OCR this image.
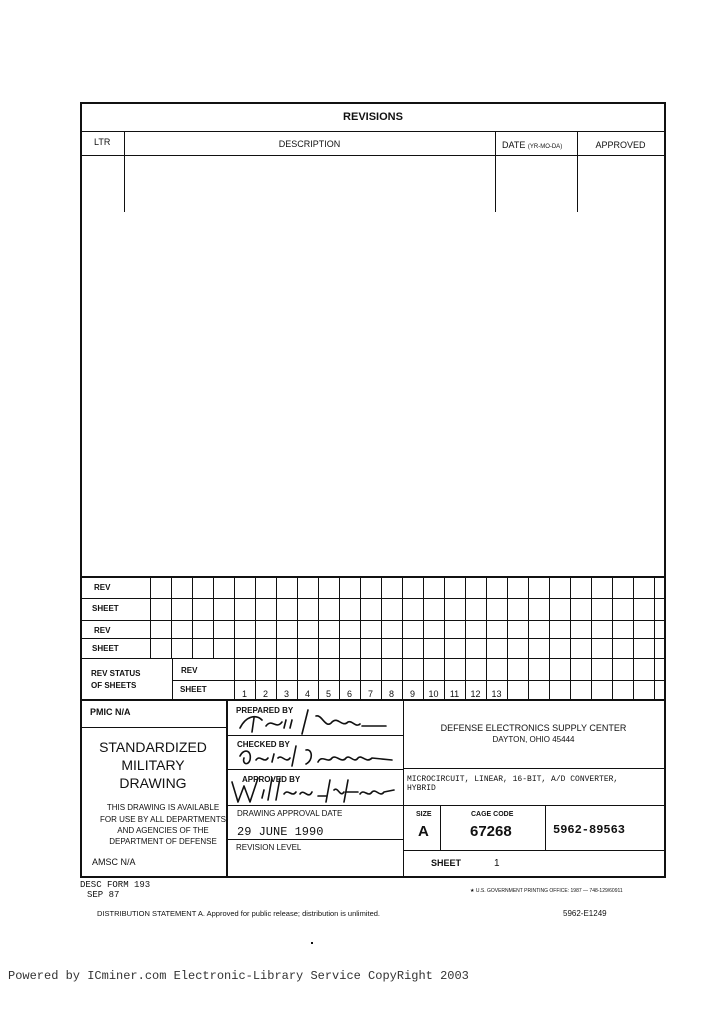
REVISIONS
LTR	DESCRIPTION	DATE (YR-MO-DA)	APPROVED
REV
SHEET
REV
SHEET
REV STATUS
OF SHEETS
REV
SHEET	1	2	3	4	5	6	7	8	9	10	11	12	13
PMIC N/A
STANDARDIZED
MILITARY
DRAWING
THIS DRAWING IS AVAILABLE
FOR USE BY ALL DEPARTMENTS
AND AGENCIES OF THE
DEPARTMENT OF DEFENSE
AMSC N/A
PREPARED BY
CHECKED BY
APPROVED BY
DRAWING APPROVAL DATE
29 JUNE 1990
REVISION LEVEL
DEFENSE ELECTRONICS SUPPLY CENTER
DAYTON, OHIO 45444
MICROCIRCUIT, LINEAR, 16-BIT, A/D CONVERTER,
HYBRID
SIZE
A
CAGE CODE
67268	5962-89563
SHEET	1
DESC FORM 193
SEP 87	★ U.S. GOVERNMENT PRINTING OFFICE: 1987 — 748-129/60911
DISTRIBUTION STATEMENT A. Approved for public release; distribution is unlimited.	5962-E1249
Powered by ICminer.com Electronic-Library Service CopyRight 2003
